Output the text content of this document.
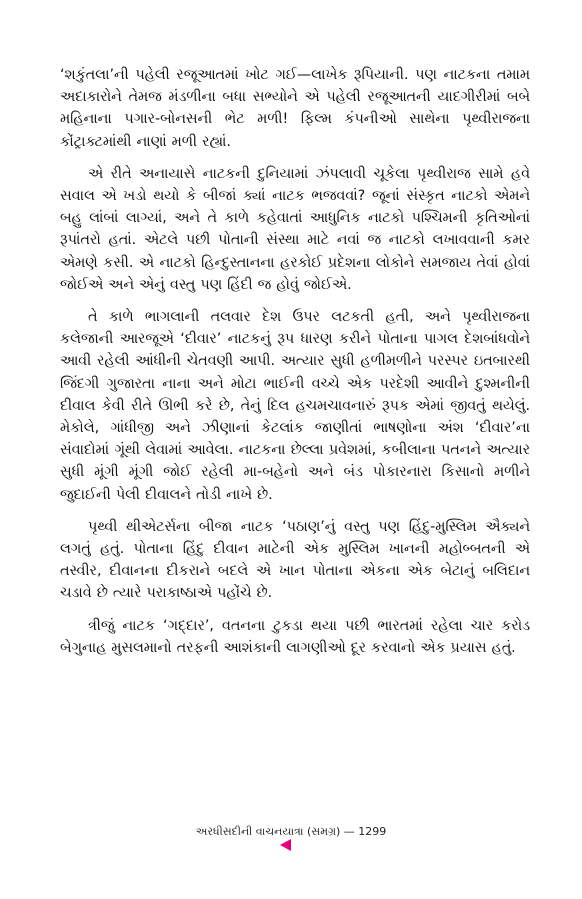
‘શકુંતલા’ની પહેલી રજૂઆતમાં ખોટ ગઈ—લાખેક રૂપિયાની. પણ નાટકના તમામ અદાકારોને તેમજ મંડળીના બધા સભ્યોને એ પહેલી રજૂઆતની યાદગીરીમાં બબે મહિનાના પગાર-બોનસની ભેટ મળી! ફિલ્મ કંપનીઓ સાથેના પૃથ્વીરાજના કોંટ્રાક્ટમાંથી નાણાં મળી રહ્યાં.

એ રીતે અનાયાસે નાટકની દુનિયામાં ઝંપલાવી ચૂકેલા પૃથ્વીરાજ સામે હવે સવાલ એ ખડો થયો કે બીજાં ક્યાં નાટક ભજવવાં? જૂનાં સંસ્કૃત નાટકો એમને બહુ લાંબાં લાગ્યાં, અને તે કાળે કહેવાતાં આધુનિક નાટકો પશ્ચિમની કૃતિઓનાં રૂપાંતરો હતાં. એટલે પછી પોતાની સંસ્થા માટે નવાં જ નાટકો લખાવવાની કમર એમણે કસી. એ નાટકો હિન્દુસ્તાનના હરકોઈ પ્રદેશના લોકોને સમજાય તેવાં હોવાં જોઈએ અને એનું વસ્તુ પણ હિંદી જ હોવું જોઈએ.

તે કાળે ભાગલાની તલવાર દેશ ઉપર લટકતી હતી, અને પૃથ્વીરાજના કલેજાની આરજૂએ ‘દીવાર’ નાટકનું રૂપ ધારણ કરીને પોતાના પાગલ દેશબાંધવોને આવી રહેલી આંધીની ચેતવણી આપી. અત્યાર સુધી હળીમળીને પરસ્પર ઇતબારથી જિંદગી ગુજારતા નાના અને મોટા ભાઈની વચ્ચે એક પરદેશી આવીને દુશ્મનીની દીવાલ કેવી રીતે ઊભી કરે છે, તેનું દિલ હચમચાવનારું રૂપક એમાં જીવતું થયેલું. મેકોલે, ગાંધીજી અને ઝીણાનાં કેટલાંક જાણીતાં ભાષણોના અંશ ‘દીવાર’ના સંવાદોમાં ગૂંથી લેવામાં આવેલા. નાટકના છેલ્લા પ્રવેશમાં, કબીલાના પતનને અત્યાર સુધી મૂંગી મૂંગી જોઈ રહેલી મા-બહેનો અને બંડ પોકારનારા કિસાનો મળીને જુદાઈની પેલી દીવાલને તોડી નાખે છે.

પૃથ્વી થીએટર્સના બીજા નાટક ‘પઠાણ’નું વસ્તુ પણ હિંદુ-મુસ્લિમ ઐક્યને લગતું હતું. પોતાના હિંદુ દીવાન માટેની એક મુસ્લિમ ખાનની મહોબ્બતની એ તસ્વીર, દીવાનના દીકરાને બદલે એ ખાન પોતાના એકના એક બેટાનું બલિદાન ચડાવે છે ત્યારે પરાકાષ્ઠાએ પહોંચે છે.

ત્રીજું નાટક ‘ગદ્દાર’, વતનના ટુકડા થયા પછી ભારતમાં રહેલા ચાર કરોડ બેગુનાહ મુસલમાનો તરફની આશંકાની લાગણીઓ દૂર કરવાનો એક પ્રયાસ હતું.

અરધીસદીની વાચનયાત્રા (સમગ્ર) — 1299
